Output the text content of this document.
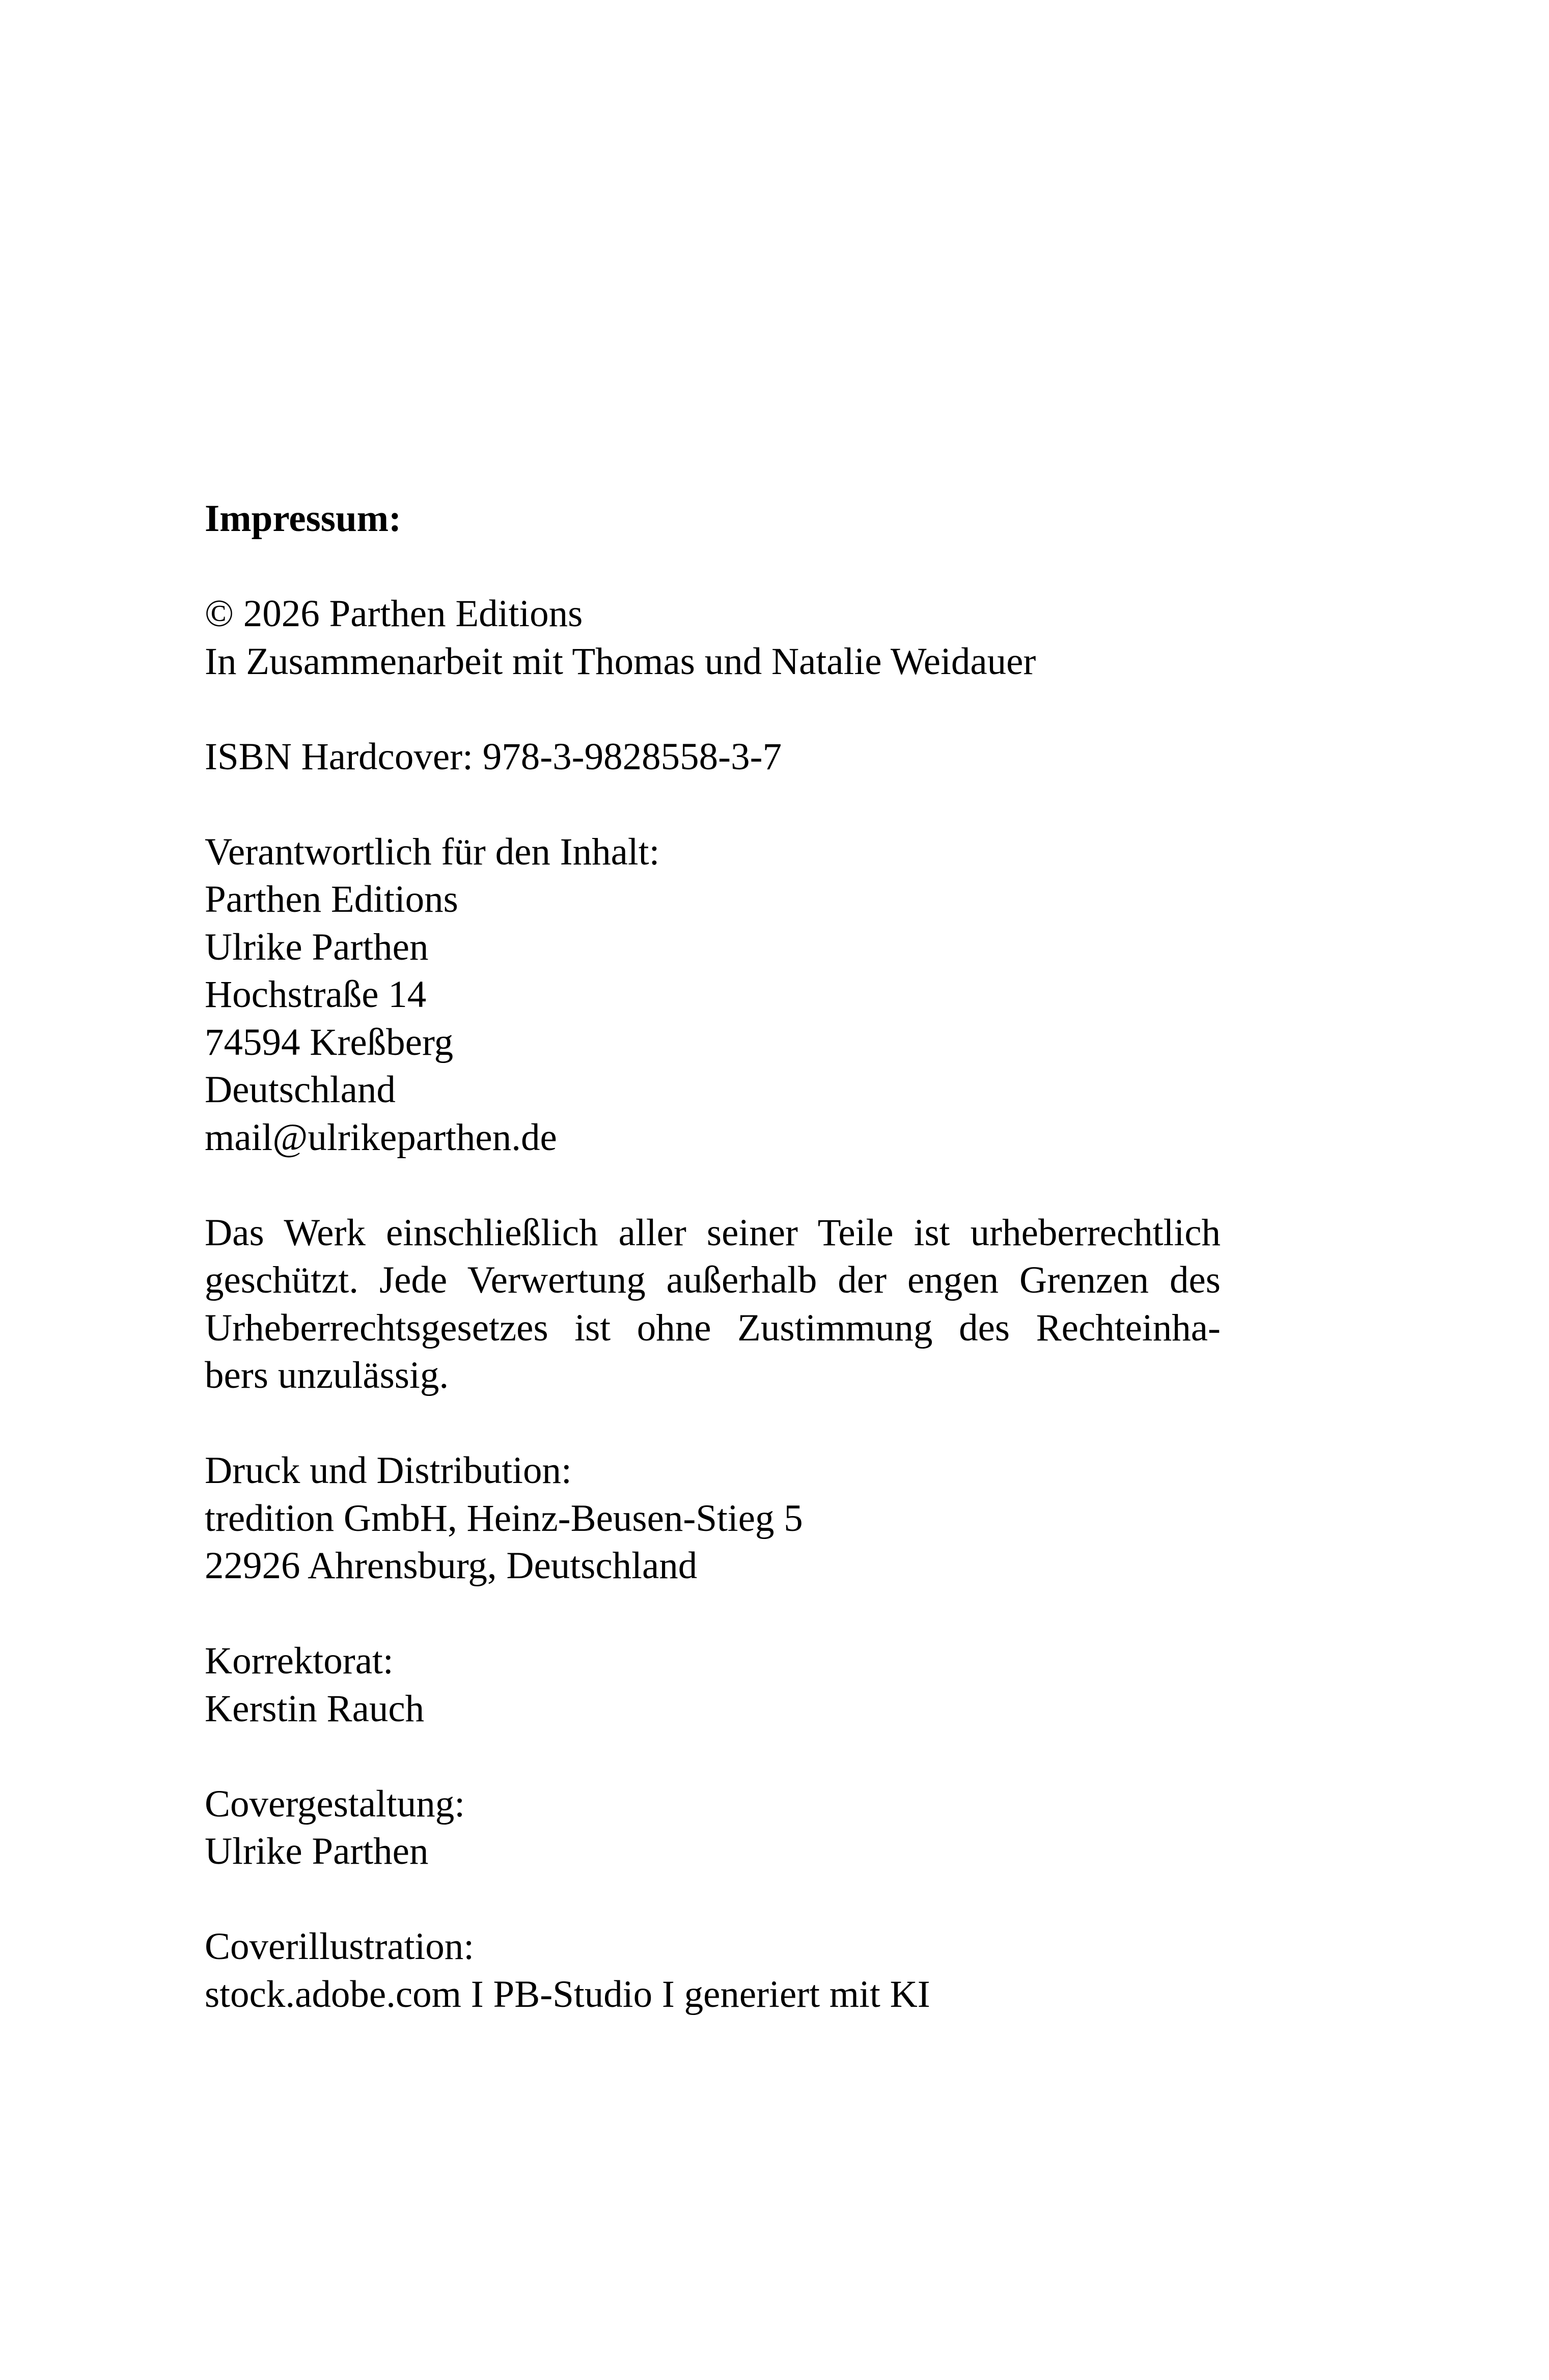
Impressum:
© 2026 Parthen Editions
In Zusammenarbeit mit Thomas und Natalie Weidauer
ISBN Hardcover: 978-3-9828558-3-7
Verantwortlich für den Inhalt:
Parthen Editions
Ulrike Parthen
Hochstraße 14
74594 Kreßberg
Deutschland
mail@ulrikeparthen.de
Das Werk einschließlich aller seiner Teile ist urheberrechtlich
geschützt. Jede Verwertung außerhalb der engen Grenzen des
Urheberrechtsgesetzes ist ohne Zustimmung des Rechteinha-
bers unzulässig.
Druck und Distribution:
tredition GmbH, Heinz-Beusen-Stieg 5
22926 Ahrensburg, Deutschland
Korrektorat:
Kerstin Rauch
Covergestaltung:
Ulrike Parthen
Coverillustration:
stock.adobe.com I PB-Studio I generiert mit KI
